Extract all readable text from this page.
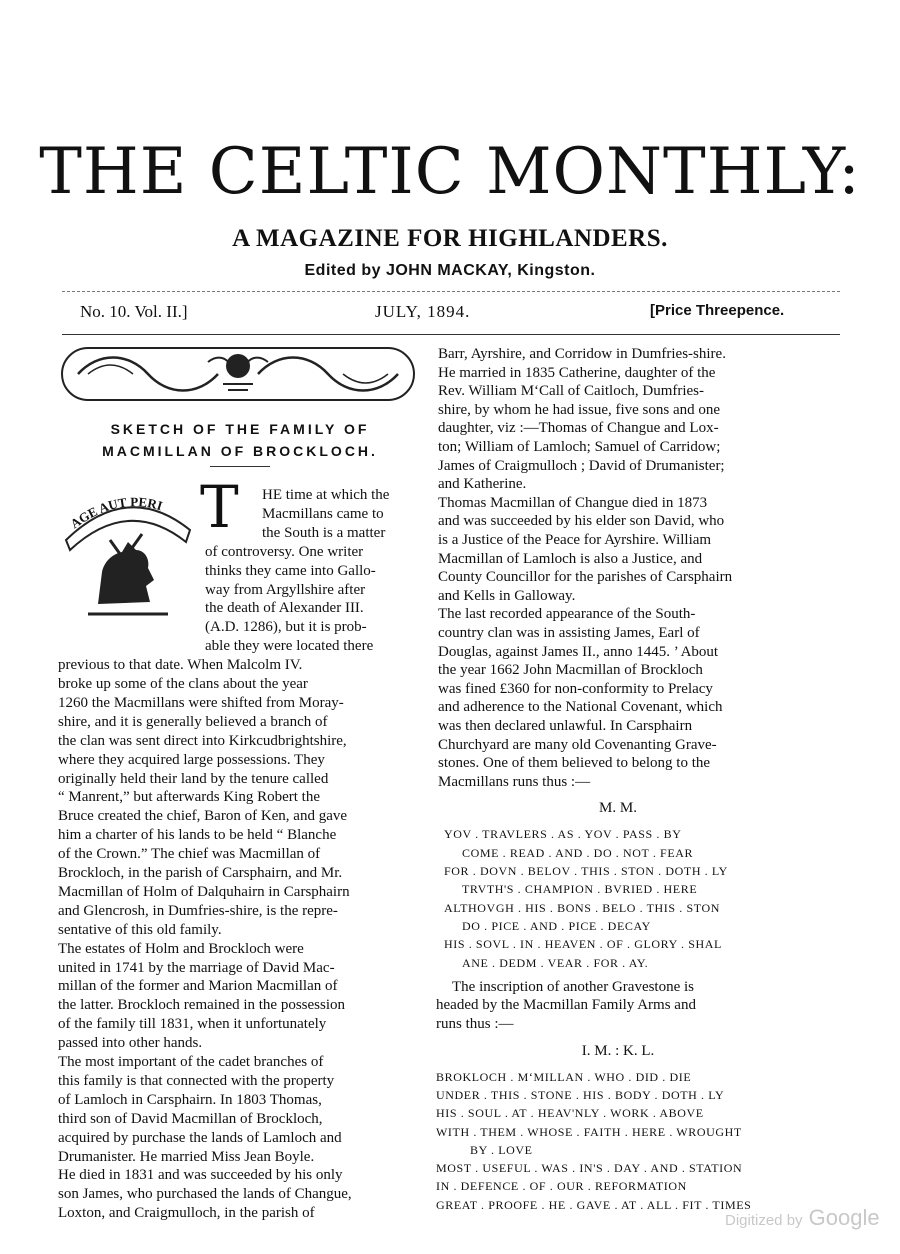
THE CELTIC MONTHLY:
A MAGAZINE FOR HIGHLANDERS.
Edited by JOHN MACKAY, Kingston.
No. 10. Vol. II.]	JULY, 1894.	[Price Threepence.
SKETCH OF THE FAMILY OF
MACMILLAN OF BROCKLOCH.
AGE AUT PERI T	HE time at which the
Macmillans came to
the South is a matter
of controversy. One writer
thinks they came into Gallo-
way from Argyllshire after
the death of Alexander III.
(A.D. 1286), but it is prob-
able they were located there
previous to that date. When Malcolm IV.
broke up some of the clans about the year
1260 the Macmillans were shifted from Moray-
shire, and it is generally believed a branch of
the clan was sent direct into Kirkcudbrightshire,
where they acquired large possessions. They
originally held their land by the tenure called
“ Manrent,” but afterwards King Robert the
Bruce created the chief, Baron of Ken, and gave
him a charter of his lands to be held “ Blanche
of the Crown.” The chief was Macmillan of
Brockloch, in the parish of Carsphairn, and Mr.
Macmillan of Holm of Dalquhairn in Carsphairn
and Glencrosh, in Dumfries-shire, is the repre-
sentative of this old family.
The estates of Holm and Brockloch were
united in 1741 by the marriage of David Mac-
millan of the former and Marion Macmillan of
the latter. Brockloch remained in the possession
of the family till 1831, when it unfortunately
passed into other hands.
The most important of the cadet branches of
this family is that connected with the property
of Lamloch in Carsphairn. In 1803 Thomas,
third son of David Macmillan of Brockloch,
acquired by purchase the lands of Lamloch and
Drumanister. He married Miss Jean Boyle.
He died in 1831 and was succeeded by his only
son James, who purchased the lands of Changue,
Loxton, and Craigmulloch, in the parish of
Barr, Ayrshire, and Corridow in Dumfries-shire.
He married in 1835 Catherine, daughter of the
Rev. William M‘Call of Caitloch, Dumfries-
shire, by whom he had issue, five sons and one
daughter, viz :—Thomas of Changue and Lox-
ton; William of Lamloch; Samuel of Carridow;
James of Craigmulloch ; David of Drumanister;
and Katherine.
Thomas Macmillan of Changue died in 1873
and was succeeded by his elder son David, who
is a Justice of the Peace for Ayrshire. William
Macmillan of Lamloch is also a Justice, and
County Councillor for the parishes of Carsphairn
and Kells in Galloway.
The last recorded appearance of the South-
country clan was in assisting James, Earl of
Douglas, against James II., anno 1445. ’ About
the year 1662 John Macmillan of Brockloch
was fined £360 for non-conformity to Prelacy
and adherence to the National Covenant, which
was then declared unlawful. In Carsphairn
Churchyard are many old Covenanting Grave-
stones. One of them believed to belong to the
Macmillans runs thus :—
M. M.
YOV . TRAVLERS . AS . YOV . PASS . BY
COME . READ . AND . DO . NOT . FEAR
FOR . DOVN . BELOV . THIS . STON . DOTH . LY
TRVTH'S . CHAMPION . BVRIED . HERE
ALTHOVGH . HIS . BONS . BELO . THIS . STON
DO . PICE . AND . PICE . DECAY
HIS . SOVL . IN . HEAVEN . OF . GLORY . SHAL
ANE . DEDM . VEAR . FOR . AY.
The inscription of another Gravestone is
headed by the Macmillan Family Arms and
runs thus :—
I. M. : K. L.
BROKLOCH . M‘MILLAN . WHO . DID . DIE
UNDER . THIS . STONE . HIS . BODY . DOTH . LY
HIS . SOUL . AT . HEAV'NLY . WORK . ABOVE
WITH . THEM . WHOSE . FAITH . HERE . WROUGHT
BY . LOVE
MOST . USEFUL . WAS . IN'S . DAY . AND . STATION
IN . DEFENCE . OF . OUR . REFORMATION
GREAT . PROOFE . HE . GAVE . AT . ALL . FIT . TIMES
Digitized by Google
